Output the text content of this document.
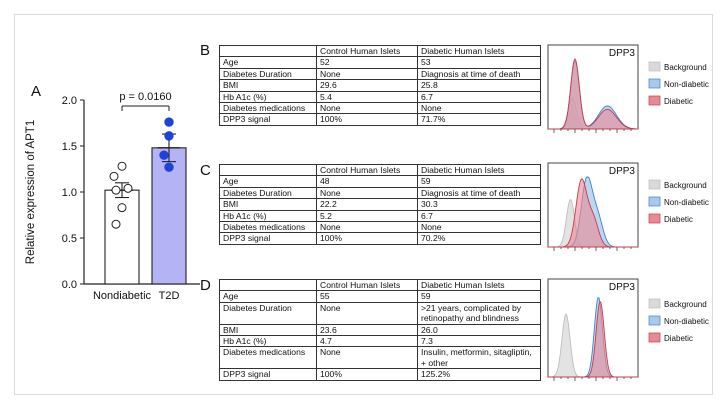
A
B
C
D
0.0
0.5
1.0
1.5
2.0
Relative expression of APT1
Nondiabetic T2D
p = 0.0160
	Control Human Islets	Diabetic Human Islets
Age	52	53
Diabetes Duration	None	Diagnosis at time of death
BMI	29.6	25.8
Hb A1c (%)	5.4	6.7
Diabetes medications	None	None
DPP3 signal	100%	71.7%
	Control Human Islets	Diabetic Human Islets
Age	48	59
Diabetes Duration	None	Diagnosis at time of death
BMI	22.2	30.3
Hb A1c (%)	5.2	6.7
Diabetes medications	None	None
DPP3 signal	100%	70.2%
	Control Human Islets	Diabetic Human Islets
Age	55	59
Diabetes Duration	None	>21 years, complicated by retinopathy and blindness
BMI	23.6	26.0
Hb A1c (%)	4.7	7.3
Diabetes medications	None	Insulin, metformin, sitagliptin, + other
DPP3 signal	100%	125.2%
DPP3
Background
Non-diabetic
Diabetic
DPP3
Background
Non-diabetic
Diabetic
DPP3
Background
Non-diabetic
Diabetic
